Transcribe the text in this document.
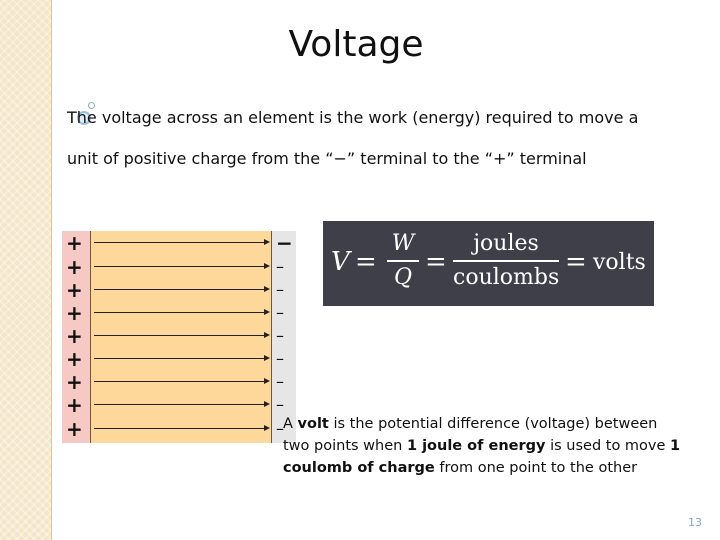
Voltage
The voltage across an element is the work (energy) required to move a
unit of positive charge from the “−” terminal to the “+” terminal
+
+
+
+
+
+
+
+
+
−
–
–
–
–
–
–
–
–
V =
W
Q =
joules
coulombs = volts
A volt is the potential difference (voltage) between two points when 1 joule of energy is used to move 1 coulomb of charge from one point to the other
13
